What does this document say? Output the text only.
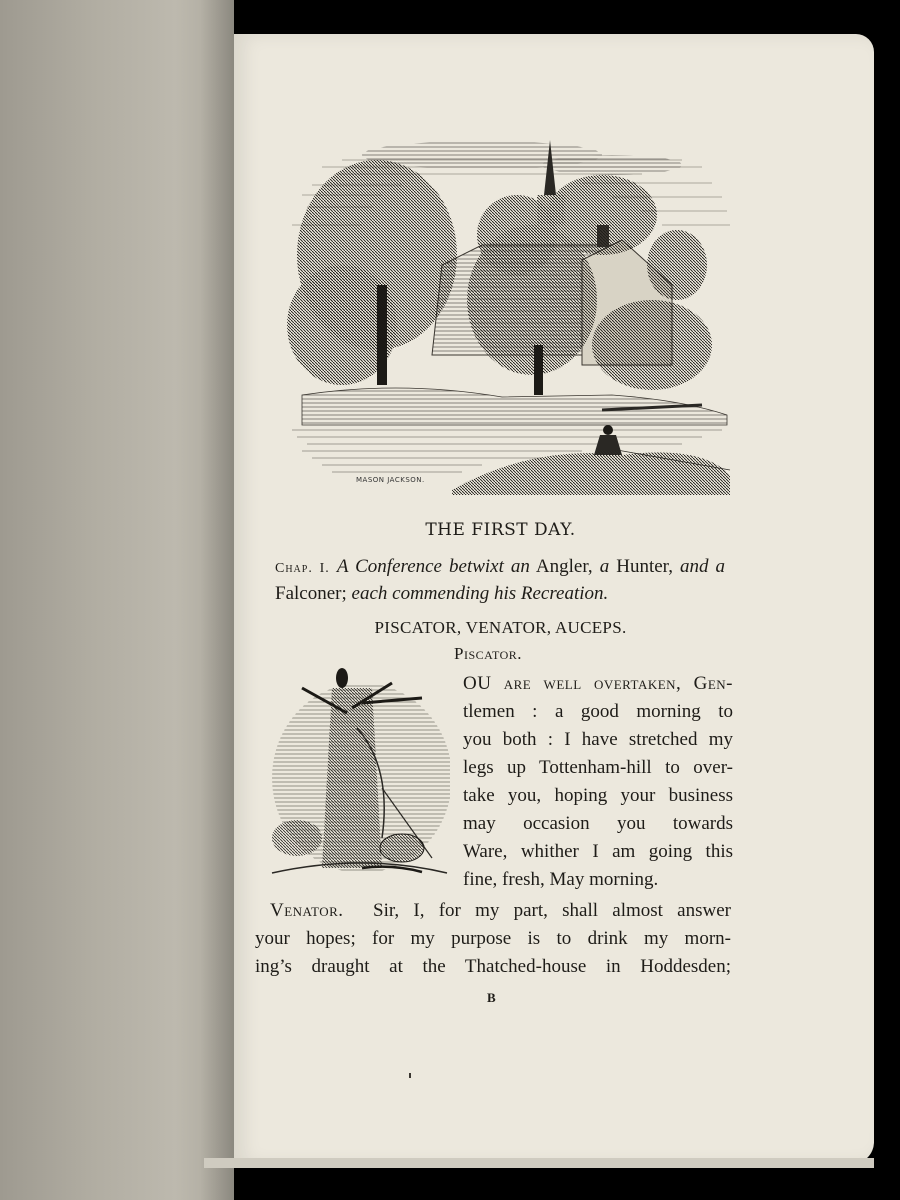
MASON JACKSON.
THE FIRST DAY.
Chap. I. A Conference betwixt an Angler, a Hunter, and a Falconer; each commending his Recreation.
PISCATOR, VENATOR, AUCEPS.
Piscator.
OU are well overtaken, Gen-
tlemen : a good morning to
you both : I have stretched my
legs up Tottenham-hill to over-
take you, hoping your business
may occasion you towards
Ware, whither I am going this
fine, fresh, May morning.
Venator. Sir, I, for my part, shall almost answer
your hopes; for my purpose is to drink my morn-
ing’s draught at the Thatched-house in Hoddesden;
B
